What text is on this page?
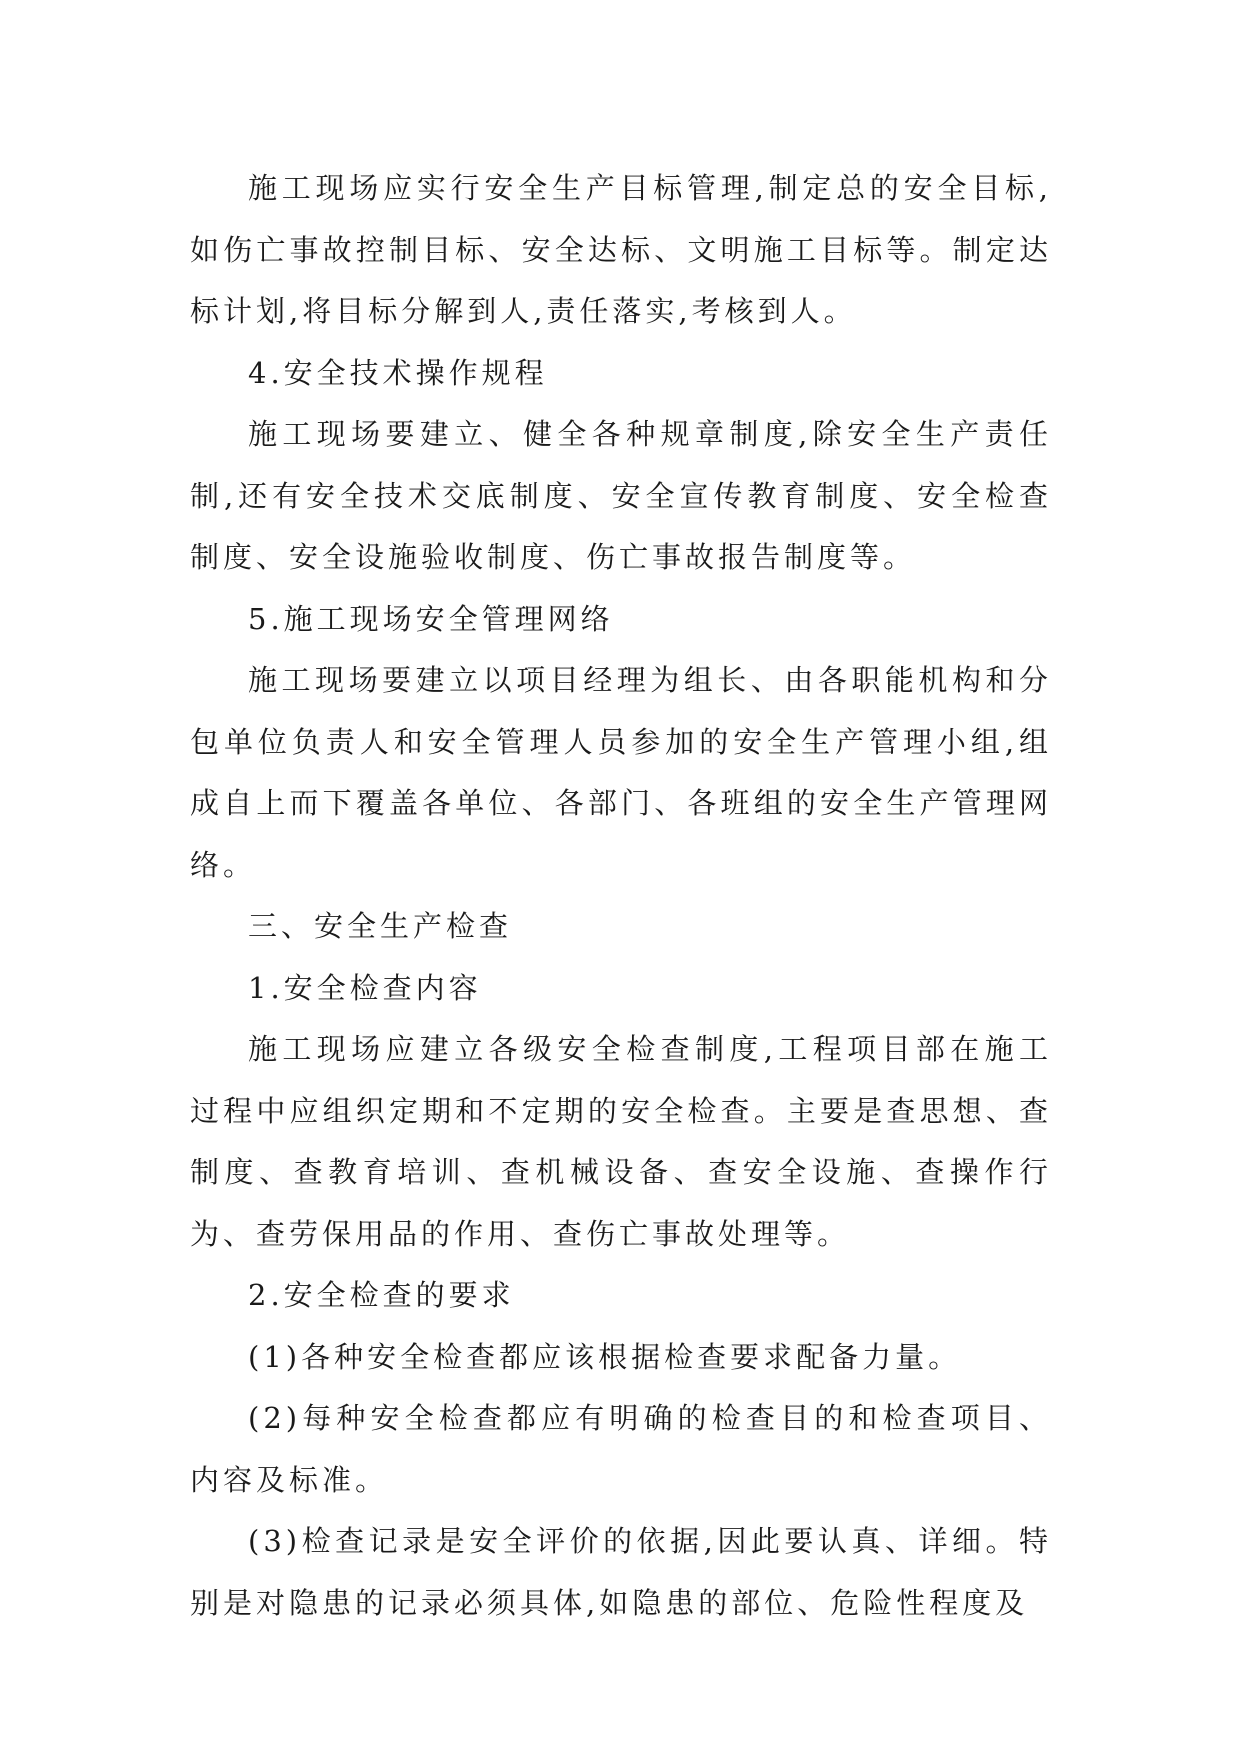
施工现场应实行安全生产目标管理,制定总的安全目标,如伤亡事故控制目标、安全达标、文明施工目标等。制定达标计划,将目标分解到人,责任落实,考核到人。

4.安全技术操作规程

施工现场要建立、健全各种规章制度,除安全生产责任制,还有安全技术交底制度、安全宣传教育制度、安全检查制度、安全设施验收制度、伤亡事故报告制度等。

5.施工现场安全管理网络

施工现场要建立以项目经理为组长、由各职能机构和分包单位负责人和安全管理人员参加的安全生产管理小组,组成自上而下覆盖各单位、各部门、各班组的安全生产管理网络。

三、安全生产检查

1.安全检查内容

施工现场应建立各级安全检查制度,工程项目部在施工过程中应组织定期和不定期的安全检查。主要是查思想、查制度、查教育培训、查机械设备、查安全设施、查操作行为、查劳保用品的作用、查伤亡事故处理等。

2.安全检查的要求

(1)各种安全检查都应该根据检查要求配备力量。

(2)每种安全检查都应有明确的检查目的和检查项目、内容及标准。

(3)检查记录是安全评价的依据,因此要认真、详细。特别是对隐患的记录必须具体,如隐患的部位、危险性程度及
